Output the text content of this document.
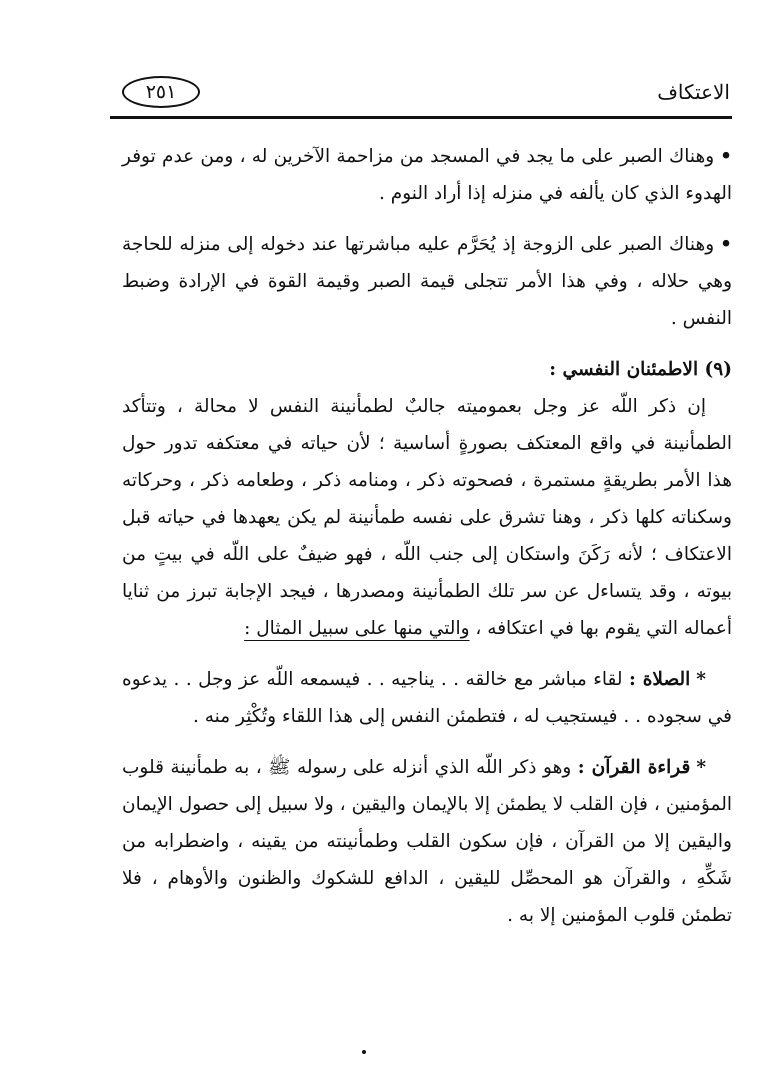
٢٥١	الاعتكاف

•وهناك الصبر على ما يجد في المسجد من مزاحمة الآخرين له ، ومن عدم توفر الهدوء الذي كان يألفه في منزله إذا أراد النوم .

•وهناك الصبر على الزوجة إذ يُحَرَّم عليه مباشرتها عند دخوله إلى منزله للحاجة وهي حلاله ، وفي هذا الأمر تتجلى قيمة الصبر وقيمة القوة في الإرادة وضبط النفس .

(٩) الاطمئنان النفسي :

إن ذكر اللّه عز وجل بعموميته جالبٌ لطمأنينة النفس لا محالة ، وتتأكد الطمأنينة في واقع المعتكف بصورةٍ أساسية ؛ لأن حياته في معتكفه تدور حول هذا الأمر بطريقةٍ مستمرة ، فصحوته ذكر ، ومنامه ذكر ، وطعامه ذكر ، وحركاته وسكناته كلها ذكر ، وهنا تشرق على نفسه طمأنينة لم يكن يعهدها في حياته قبل الاعتكاف ؛ لأنه رَكَنَ واستكان إلى جنب اللّه ، فهو ضيفٌ على اللّه في بيتٍ من بيوته ، وقد يتساءل عن سر تلك الطمأنينة ومصدرها ، فيجد الإجابة تبرز من ثنايا أعماله التي يقوم بها في اعتكافه ، والتي منها على سبيل المثال :

*الصلاة : لقاء مباشر مع خالقه . . يناجيه . . فيسمعه اللّه عز وجل . . يدعوه في سجوده . . فيستجيب له ، فتطمئن النفس إلى هذا اللقاء وتُكْثِر منه .

*قراءة القرآن : وهو ذكر اللّه الذي أنزله على رسوله ﷺ ، به طمأنينة قلوب المؤمنين ، فإن القلب لا يطمئن إلا بالإيمان واليقين ، ولا سبيل إلى حصول الإيمان واليقين إلا من القرآن ، فإن سكون القلب وطمأنينته من يقينه ، واضطرابه من شَكِّهِ ، والقرآن هو المحصِّل لليقين ، الدافع للشكوك والظنون والأوهام ، فلا تطمئن قلوب المؤمنين إلا به .
